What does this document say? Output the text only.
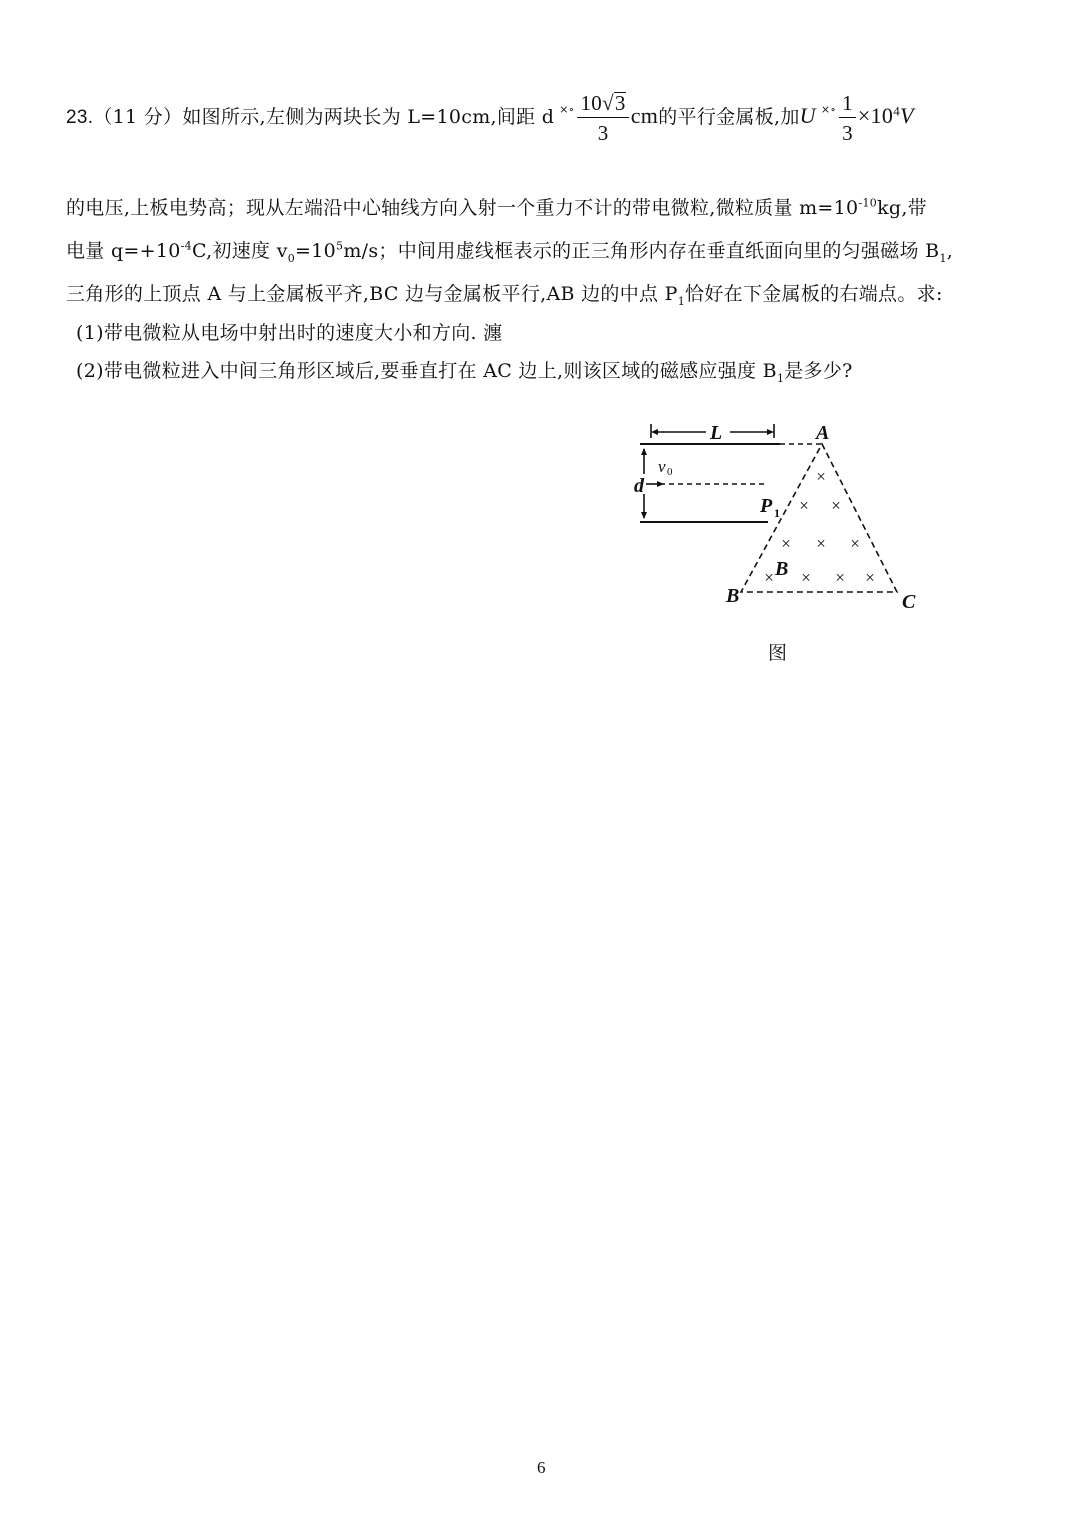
23.（11 分）如图所示,左侧为两块长为 L=10cm,间距 d $^{\times\circ} \frac{10√3}{3}$ cm的平行金属板,加U $^{\times\circ} \frac{1}{3} \times 10^4V$
的电压,上板电势高；现从左端沿中心轴线方向入射一个重力不计的带电微粒,微粒质量 $m=10^{-10}kg$,带
电量 $q=+10^{-4}C$,初速度 $v_0=10^5m/s$；中间用虚线框表示的正三角形内存在垂直纸面向里的匀强磁场 $B_1$,
三角形的上顶点 A 与上金属板平齐,BC 边与金属板平行,AB 边的中点 $P_1$恰好在下金属板的右端点。求:
(1)带电微粒从电场中射出时的速度大小和方向. 瀍
(2)带电微粒进入中间三角形区域后,要垂直打在 AC 边上,则该区域的磁感应强度 $B_1$是多少?
L	A
d
B	C
P
B
v 0
1
×
× ×
× × ×
× × × ×
图
6
